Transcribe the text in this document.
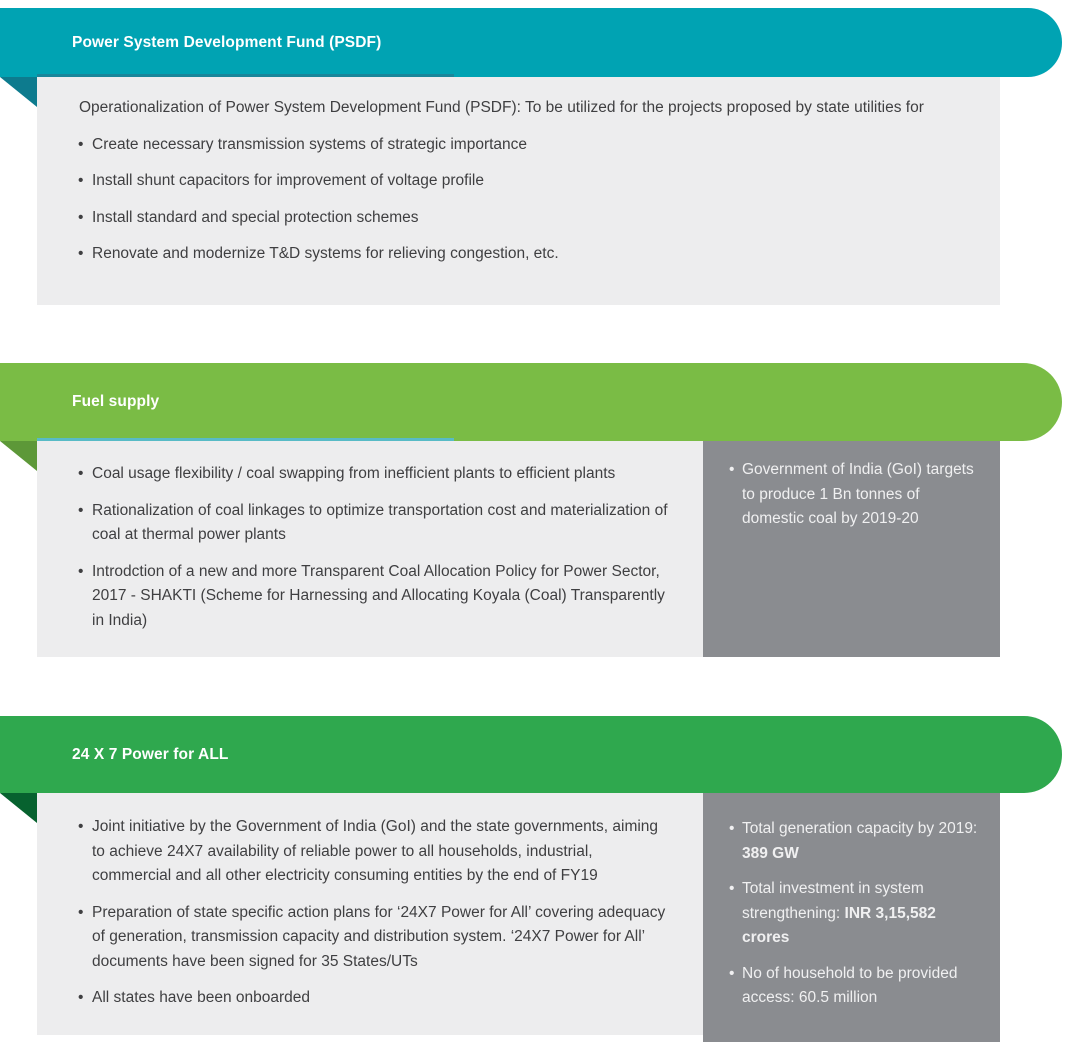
Power System Development Fund (PSDF)

Operationalization of Power System Development Fund (PSDF): To be utilized for the projects proposed by state utilities for

• Create necessary transmission systems of strategic importance
• Install shunt capacitors for improvement of voltage profile
• Install standard and special protection schemes
• Renovate and modernize T&D systems for relieving congestion, etc.
Fuel supply
• Coal usage flexibility / coal swapping from inefficient plants to efficient plants
• Rationalization of coal linkages to optimize transportation cost and materialization of coal at thermal power plants
• Introdction of a new and more Transparent Coal Allocation Policy for Power Sector, 2017 - SHAKTI (Scheme for Harnessing and Allocating Koyala (Coal) Transparently in India)
• Government of India (GoI) targets to produce 1 Bn tonnes of domestic coal by 2019-20
24 X 7 Power for ALL
• Joint initiative by the Government of India (GoI) and the state governments, aiming to achieve 24X7 availability of reliable power to all households, industrial, commercial and all other electricity consuming entities by the end of FY19
• Preparation of state specific action plans for ‘24X7 Power for All’ covering adequacy of generation, transmission capacity and distribution system. ‘24X7 Power for All’ documents have been signed for 35 States/UTs
• All states have been onboarded
• Total generation capacity by 2019: 389 GW
• Total investment in system strengthening: INR 3,15,582 crores
• No of household to be provided access: 60.5 million
